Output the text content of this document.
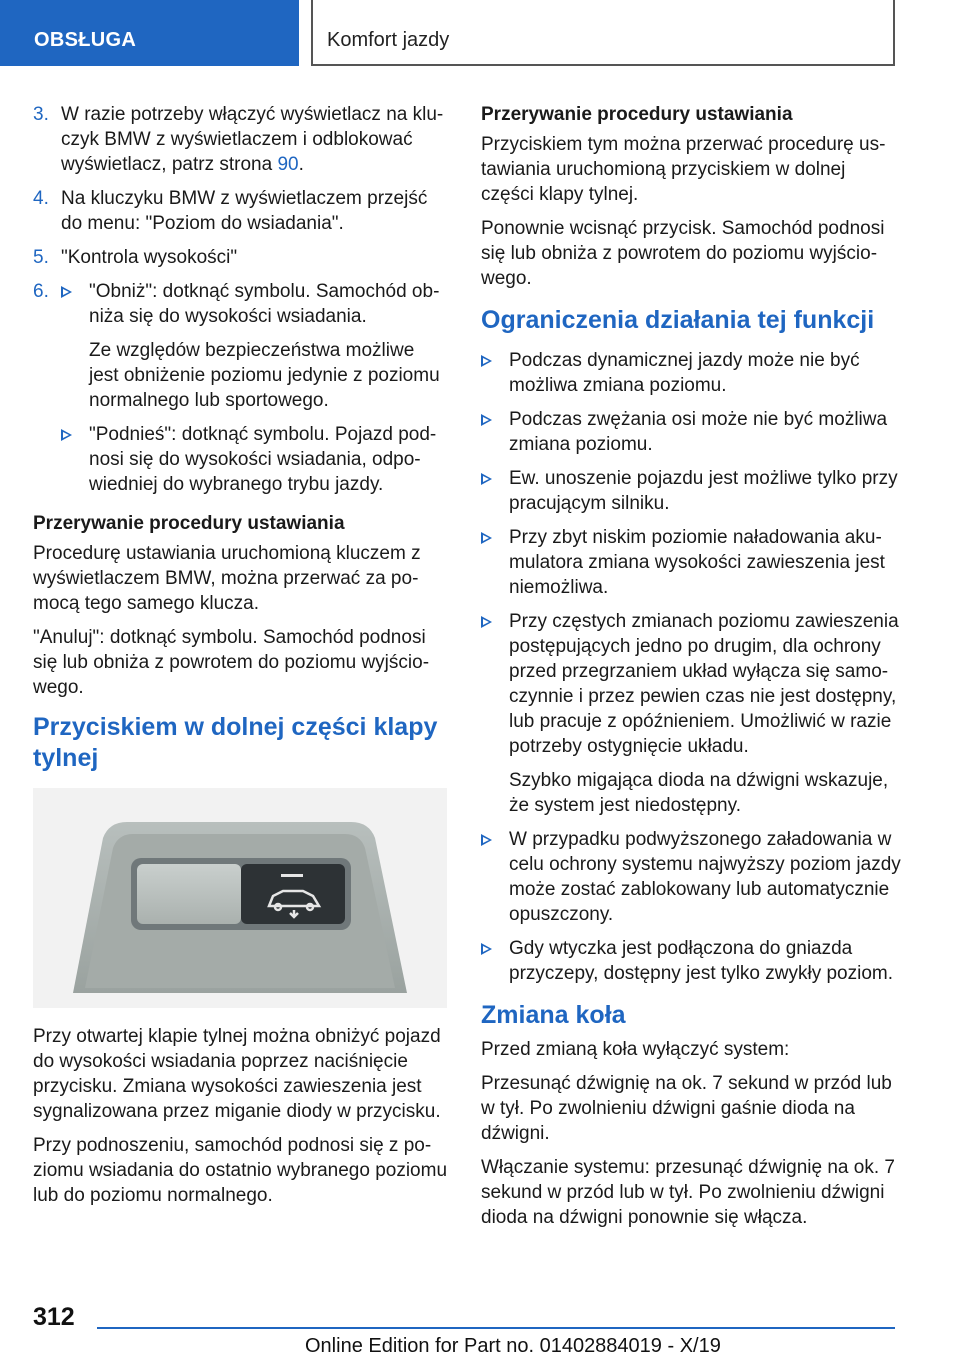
OBSŁUGA	Komfort jazdy
3. W razie potrzeby włączyć wyświetlacz na kluczyk BMW z wyświetlaczem i odblokować wyświetlacz, patrz strona 90.
4. Na kluczyku BMW z wyświetlaczem przejść do menu: "Poziom do wsiadania".
5. "Kontrola wysokości"
6. "Obniż": dotknąć symbolu. Samochód obniża się do wysokości wsiadania.
Ze względów bezpieczeństwa możliwe jest obniżenie poziomu jedynie z poziomu normalnego lub sportowego.
"Podnieś": dotknąć symbolu. Pojazd podnosi się do wysokości wsiadania, odpowiedniej do wybranego trybu jazdy.
Przerywanie procedury ustawiania

Procedurę ustawiania uruchomioną kluczem z wyświetlaczem BMW, można przerwać za pomocą tego samego klucza.

"Anuluj": dotknąć symbolu. Samochód podnosi się lub obniża z powrotem do poziomu wyjściowego.

Przyciskiem w dolnej części klapy tylnej

Przy otwartej klapie tylnej można obniżyć pojazd do wysokości wsiadania poprzez naciśnięcie przycisku. Zmiana wysokości zawieszenia jest sygnalizowana przez miganie diody w przycisku.

Przy podnoszeniu, samochód podnosi się z poziomu wsiadania do ostatnio wybranego poziomu lub do poziomu normalnego.

Przerywanie procedury ustawiania

Przyciskiem tym można przerwać procedurę ustawiania uruchomioną przyciskiem w dolnej części klapy tylnej.

Ponownie wcisnąć przycisk. Samochód podnosi się lub obniża z powrotem do poziomu wyjściowego.

Ograniczenia działania tej funkcji
Podczas dynamicznej jazdy może nie być możliwa zmiana poziomu.
Podczas zwężania osi może nie być możliwa zmiana poziomu.
Ew. unoszenie pojazdu jest możliwe tylko przy pracującym silniku.
Przy zbyt niskim poziomie naładowania akumulatora zmiana wysokości zawieszenia jest niemożliwa.
Przy częstych zmianach poziomu zawieszenia postępujących jedno po drugim, dla ochrony przed przegrzaniem układ wyłącza się samoczynnie i przez pewien czas nie jest dostępny, lub pracuje z opóźnieniem. Umożliwić w razie potrzeby ostygnięcie układu.
Szybko migająca dioda na dźwigni wskazuje, że system jest niedostępny.
W przypadku podwyższonego załadowania w celu ochrony systemu najwyższy poziom jazdy może zostać zablokowany lub automatycznie opuszczony.
Gdy wtyczka jest podłączona do gniazda przyczepy, dostępny jest tylko zwykły poziom.
Zmiana koła

Przed zmianą koła wyłączyć system:

Przesunąć dźwignię na ok. 7 sekund w przód lub w tył. Po zwolnieniu dźwigni gaśnie dioda na dźwigni.

Włączanie systemu: przesunąć dźwignię na ok. 7 sekund w przód lub w tył. Po zwolnieniu dźwigni dioda na dźwigni ponownie się włącza.

312
Online Edition for Part no. 01402884019 - X/19
